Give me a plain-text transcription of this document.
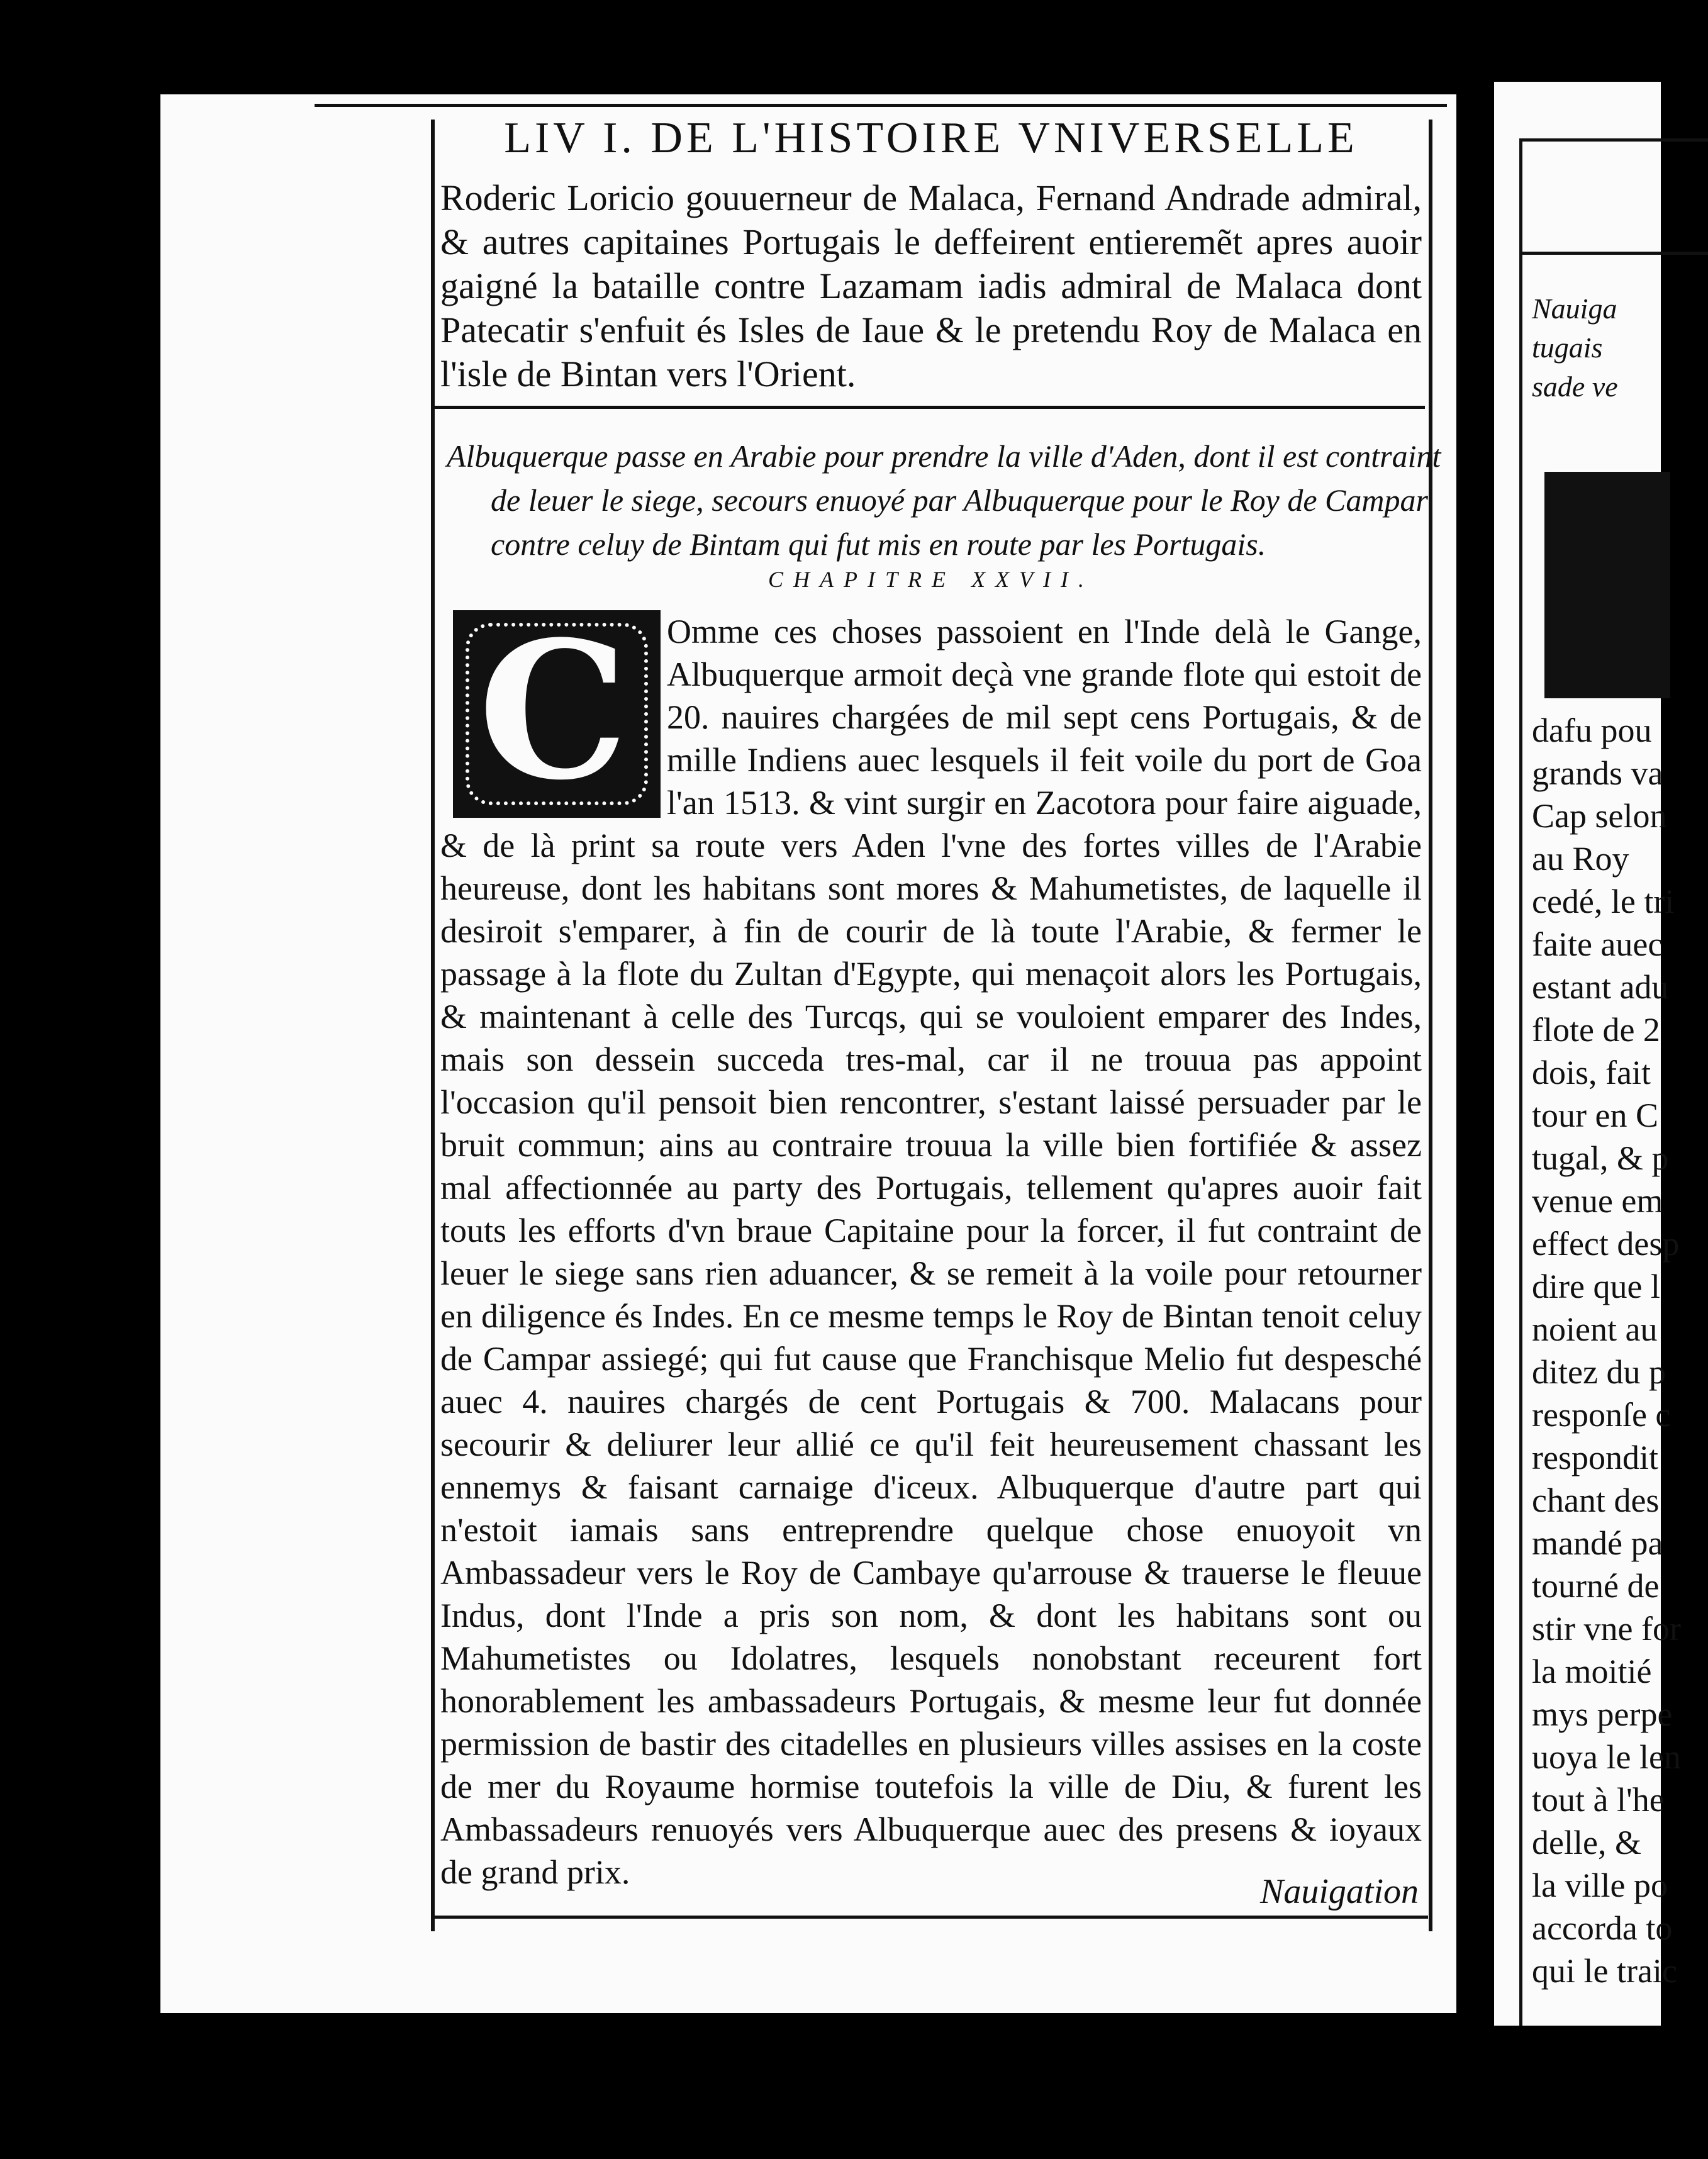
LIV I. DE L'HISTOIRE VNIVERSELLE
Roderic Loricio gouuerneur de Malaca, Fernand Andrade admiral, & autres capitaines Portugais le deffeirent entieremẽt apres auoir gaigné la bataille contre Lazamam iadis admiral de Malaca dont Patecatir s'enfuit és Isles de Iaue & le pretendu Roy de Malaca en l'isle de Bintan vers l'Orient.
Albuquerque passe en Arabie pour prendre la ville d'Aden, dont il est contraint de leuer le siege, secours enuoyé par Albuquerque pour le Roy de Campar contre celuy de Bintam qui fut mis en route par les Portugais.
CHAPITRE XXVII.
Omme ces choses passoient en l'Inde delà le Gange, Albuquerque armoit deçà vne grande flote qui estoit de 20. nauires chargées de mil sept cens Portugais, & de mille Indiens auec lesquels il feit voile du port de Goa l'an 1513. & vint surgir en Zacotora pour faire aiguade, & de là print sa route vers Aden l'vne des fortes villes de l'Arabie heureuse, dont les habitans sont mores & Mahumetistes, de laquelle il desiroit s'emparer, à fin de courir de là toute l'Arabie, & fermer le passage à la flote du Zultan d'Egypte, qui menaçoit alors les Portugais, & maintenant à celle des Turcqs, qui se vouloient emparer des Indes, mais son dessein succeda tres-mal, car il ne trouua pas appoint l'occasion qu'il pensoit bien rencontrer, s'estant laissé persuader par le bruit commun; ains au contraire trouua la ville bien fortifiée & assez mal affectionnée au party des Portugais, tellement qu'apres auoir fait touts les efforts d'vn braue Capitaine pour la forcer, il fut contraint de leuer le siege sans rien aduancer, & se remeit à la voile pour retourner en diligence és Indes. En ce mesme temps le Roy de Bintan tenoit celuy de Campar assiegé; qui fut cause que Franchisque Melio fut despesché auec 4. nauires chargés de cent Portugais & 700. Malacans pour secourir & deliurer leur allié ce qu'il feit heureusement chassant les ennemys & faisant carnaige d'iceux. Albuquerque d'autre part qui n'estoit iamais sans entreprendre quelque chose enuoyoit vn Ambassadeur vers le Roy de Cambaye qu'arrouse & trauerse le fleuue Indus, dont l'Inde a pris son nom, & dont les habitans sont ou Mahumetistes ou Idolatres, lesquels nonobstant receurent fort honorablement les ambassadeurs Portugais, & mesme leur fut donnée permission de bastir des citadelles en plusieurs villes assises en la coste de mer du Royaume hormise toutefois la ville de Diu, & furent les Ambassadeurs renuoyés vers Albuquerque auec des presens & ioyaux de grand prix.
C
Nauigation
Nauiga
tugais
sade ve
dafu pou
grands va
Cap selon
au Roy
cedé, le tri
faite auec
estant adu
flote de 2
dois, fait
tour en C
tugal, & p
venue em
effect desp
dire que l
noient au
ditez du p
responſe c
respondit
chant des
mandé pa
tourné de
stir vne for
la moitié
mys perpe
uoya le len
tout à l'he
delle, &
la ville po
accorda to
qui le traic
